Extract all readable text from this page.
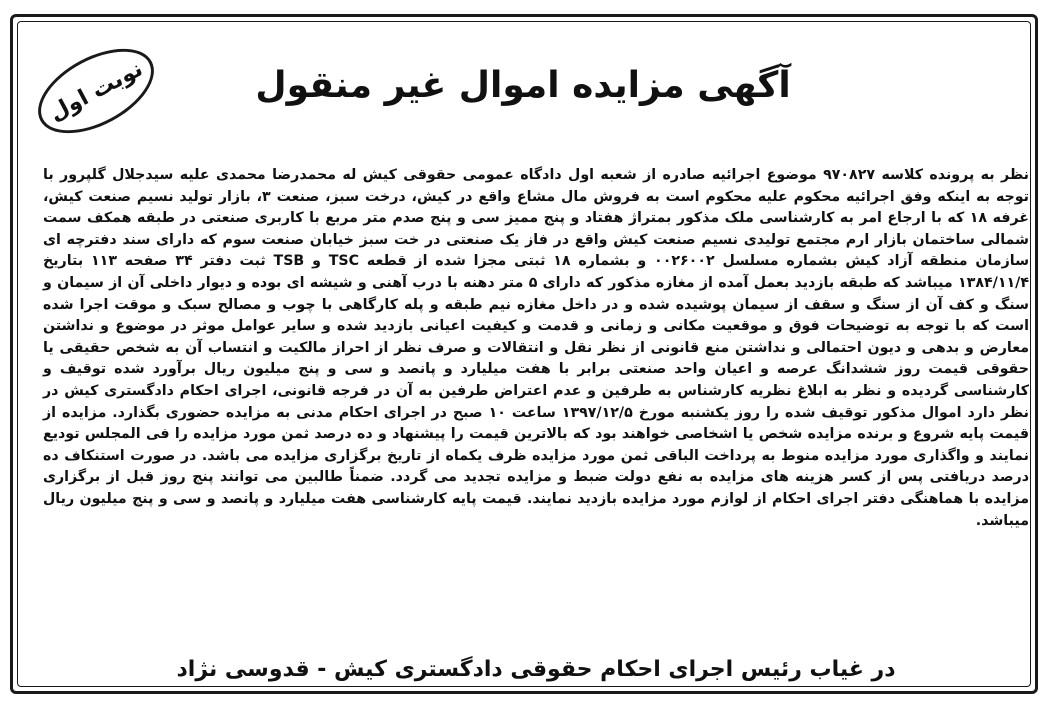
نوبت اول	آگهی مزایده اموال غیر منقول
نظر به پرونده کلاسه ۹۷۰۸۲۷ موضوع اجرائیه صادره از شعبه اول دادگاه عمومی حقوقی کیش له محمدرضا محمدی علیه سیدجلال گلپرور با توجه به اینکه وفق اجرائیه محکوم علیه محکوم است به فروش مال مشاع واقع در کیش، درخت سبز، صنعت ۳، بازار تولید نسیم صنعت کیش، غرفه ۱۸ که با ارجاع امر به کارشناسی ملک مذکور بمتراژ هفتاد و پنج ممیز سی و پنج صدم متر مربع با کاربری صنعتی در طبقه همکف سمت شمالی ساختمان بازار ارم مجتمع تولیدی نسیم صنعت کیش واقع در فاز یک صنعتی در خت سبز خیابان صنعت سوم که دارای سند دفترچه ای سازمان منطقه آزاد کیش بشماره مسلسل ۰۰۲۶۰۰۲ و بشماره ۱۸ ثبتی مجزا شده از قطعه TSC و TSB ثبت دفتر ۳۴ صفحه ۱۱۳ بتاریخ ۱۳۸۴/۱۱/۴ میباشد که طبقه بازدید بعمل آمده از مغازه مذکور که دارای ۵ متر دهنه با درب آهنی و شیشه ای بوده و دیوار داخلی آن از سیمان و سنگ و کف آن از سنگ و سقف از سیمان پوشیده شده و در داخل مغازه نیم طبقه و پله کارگاهی با چوب و مصالح سبک و موقت اجرا شده است که با توجه به توضیحات فوق و موقعیت مکانی و زمانی و قدمت و کیفیت اعیانی بازدید شده و سایر عوامل موثر در موضوع و نداشتن معارض و بدهی و دیون احتمالی و نداشتن منع قانونی از نظر نقل و انتقالات و صرف نظر از احراز مالکیت و انتساب آن به شخص حقیقی یا حقوقی قیمت روز ششدانگ عرصه و اعیان واحد صنعتی برابر با هفت میلیارد و پانصد و سی و پنج میلیون ریال برآورد شده توقیف و کارشناسی گردیده و نظر به ابلاغ نظریه کارشناس به طرفین و عدم اعتراض طرفین به آن در فرجه قانونی، اجرای احکام دادگستری کیش در نظر دارد اموال مذکور توقیف شده را روز یکشنبه مورخ ۱۳۹۷/۱۲/۵ ساعت ۱۰ صبح در اجرای احکام مدنی به مزایده حضوری بگذارد. مزایده از قیمت پایه شروع و برنده مزایده شخص یا اشخاصی خواهند بود که بالاترین قیمت را پیشنهاد و ده درصد ثمن مورد مزایده را فی المجلس تودیع نمایند و واگذاری مورد مزایده منوط به پرداخت الباقی ثمن مورد مزایده ظرف یکماه از تاریخ برگزاری مزایده می باشد. در صورت استنکاف ده درصد دریافتی پس از کسر هزینه های مزایده به نفع دولت ضبط و مزایده تجدید می گردد. ضمناً طالبین می توانند پنج روز قبل از برگزاری مزایده با هماهنگی دفتر اجرای احکام از لوازم مورد مزایده بازدید نمایند. قیمت پایه کارشناسی هفت میلیارد و پانصد و سی و پنج میلیون ریال میباشد.
در غیاب رئیس اجرای احکام حقوقی دادگستری کیش - قدوسی نژاد
